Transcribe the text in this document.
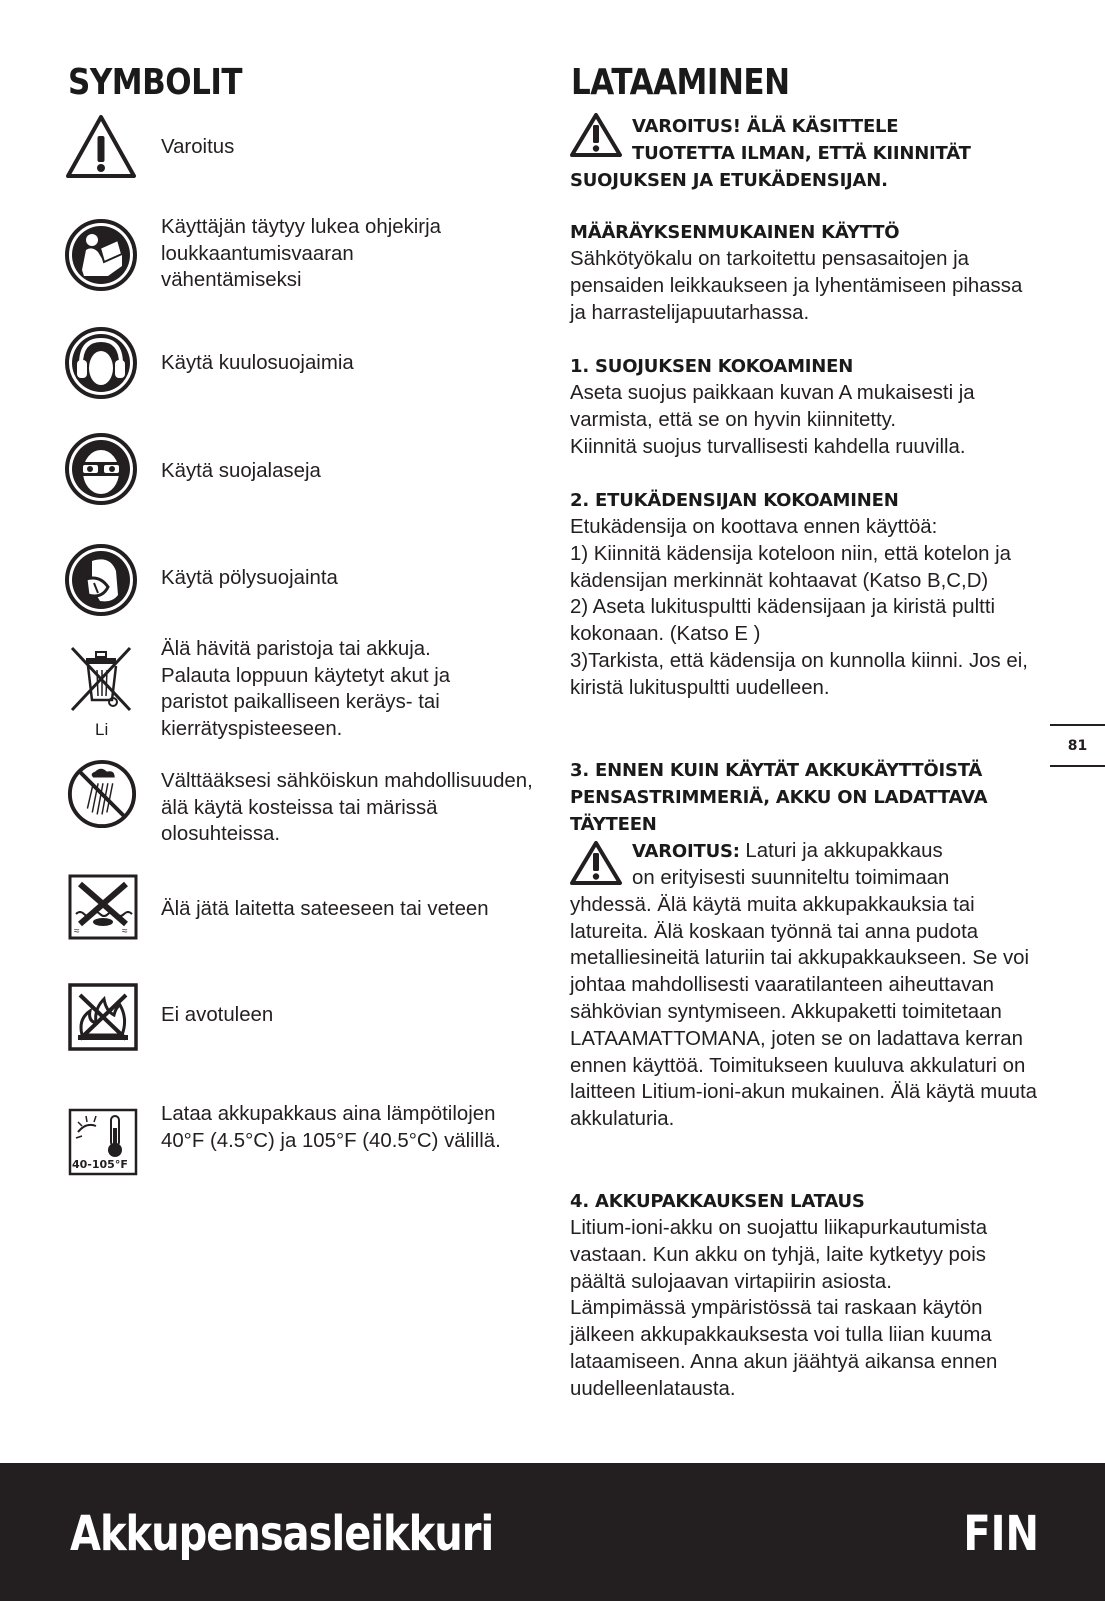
SYMBOLIT
Varoitus
Käyttäjän täytyy lukea ohjekirja loukkaantumisvaaran vähentämiseksi
Käytä kuulosuojaimia
Käytä suojalaseja
Käytä pölysuojainta
Li
Älä hävitä paristoja tai akkuja. Palauta loppuun käytetyt akut ja paristot paikalliseen keräys- tai kierrätyspisteeseen.
Välttääksesi sähköiskun mahdollisuuden, älä käytä kosteissa tai märissä olosuhteissa.
≈	≈
Älä jätä laitetta sateeseen tai veteen
Ei avotuleen
40-105°F
Lataa akkupakkaus aina lämpötilojen 40°F (4.5°C) ja 105°F (40.5°C) välillä.
LATAAMINEN
VAROITUS! ÄLÄ KÄSITTELE
TUOTETTA ILMAN, ETTÄ KIINNITÄT
SUOJUKSEN JA ETUKÄDENSIJAN.
MÄÄRÄYKSENMUKAINEN KÄYTTÖ
Sähkötyökalu on tarkoitettu pensasaitojen ja pensaiden leikkaukseen ja lyhentämiseen pihassa ja harrastelijapuutarhassa.
1. SUOJUKSEN KOKOAMINEN
Aseta suojus paikkaan kuvan A mukaisesti ja varmista, että se on hyvin kiinnitetty.
Kiinnitä suojus turvallisesti kahdella ruuvilla.
2. ETUKÄDENSIJAN KOKOAMINEN
Etukädensija on koottava ennen käyttöä:
1) Kiinnitä kädensija koteloon niin, että kotelon ja kädensijan merkinnät kohtaavat (Katso B,C,D)
2) Aseta lukituspultti kädensijaan ja kiristä pultti kokonaan. (Katso E )
3)Tarkista, että kädensija on kunnolla kiinni. Jos ei, kiristä lukituspultti uudelleen.
3. ENNEN KUIN KÄYTÄT AKKUKÄYTTÖISTÄ PENSASTRIMMERIÄ, AKKU ON LADATTAVA TÄYTEEN
VAROITUS: Laturi ja akkupakkaus
on erityisesti suunniteltu toimimaan
yhdessä. Älä käytä muita akkupakkauksia tai latureita. Älä koskaan työnnä tai anna pudota metalliesineitä laturiin tai akkupakkaukseen. Se voi johtaa mahdollisesti vaaratilanteen aiheuttavan sähkövian syntymiseen. Akkupaketti toimitetaan LATAAMATTOMANA, joten se on ladattava kerran ennen käyttöä. Toimitukseen kuuluva akkulaturi on laitteen Litium-ioni-akun mukainen. Älä käytä muuta akkulaturia.
4. AKKUPAKKAUKSEN LATAUS
Litium-ioni-akku on suojattu liikapurkautumista vastaan. Kun akku on tyhjä, laite kytketyy pois päältä sulojaavan virtapiirin asiosta.
Lämpimässä ympäristössä tai raskaan käytön jälkeen akkupakkauksesta voi tulla liian kuuma lataamiseen. Anna akun jäähtyä aikansa ennen uudelleenlatausta.
81
Akkupensasleikkuri	FIN
